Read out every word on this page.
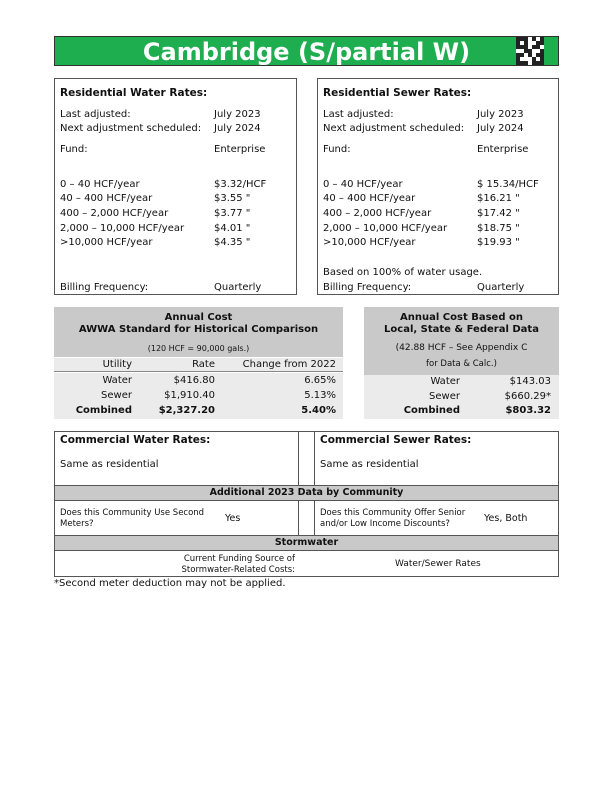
Cambridge (S/partial W)
Residential Water Rates:
Last adjusted:	July 2023
Next adjustment scheduled: July 2024
Fund:	Enterprise
0 – 40 HCF/year	$3.32/HCF
40 – 400 HCF/year	$3.55 "
400 – 2,000 HCF/year	$3.77 "
2,000 – 10,000 HCF/year	$4.01 "
>10,000 HCF/year	$4.35 "
Billing Frequency:	Quarterly
Residential Sewer Rates:
Last adjusted:	July 2023
Next adjustment scheduled: July 2024
Fund:	Enterprise
0 – 40 HCF/year	$ 15.34/HCF
40 – 400 HCF/year	$16.21 "
400 – 2,000 HCF/year	$17.42 "
2,000 – 10,000 HCF/year	$18.75 "
>10,000 HCF/year	$19.93 "
Based on 100% of water usage.
Billing Frequency:	Quarterly
Annual Cost
AWWA Standard for Historical Comparison
(120 HCF = 90,000 gals.)
Utility	Rate	Change from 2022
Water	$416.80	6.65%
Sewer	$1,910.40	5.13%
Combined	$2,327.20	5.40%
Annual Cost Based on
Local, State & Federal Data
(42.88 HCF – See Appendix C
for Data & Calc.)
Water	$143.03
Sewer	$660.29*
Combined	$803.32
Commercial Water Rates:
Same as residential
Commercial Sewer Rates:
Same as residential
Additional 2023 Data by Community
Does this Community Use Second Meters?	Yes	Does this Community Offer Senior and/or Low Income Discounts?	Yes, Both
Stormwater
Current Funding Source of Stormwater-Related Costs:
Water/Sewer Rates
*Second meter deduction may not be applied.
